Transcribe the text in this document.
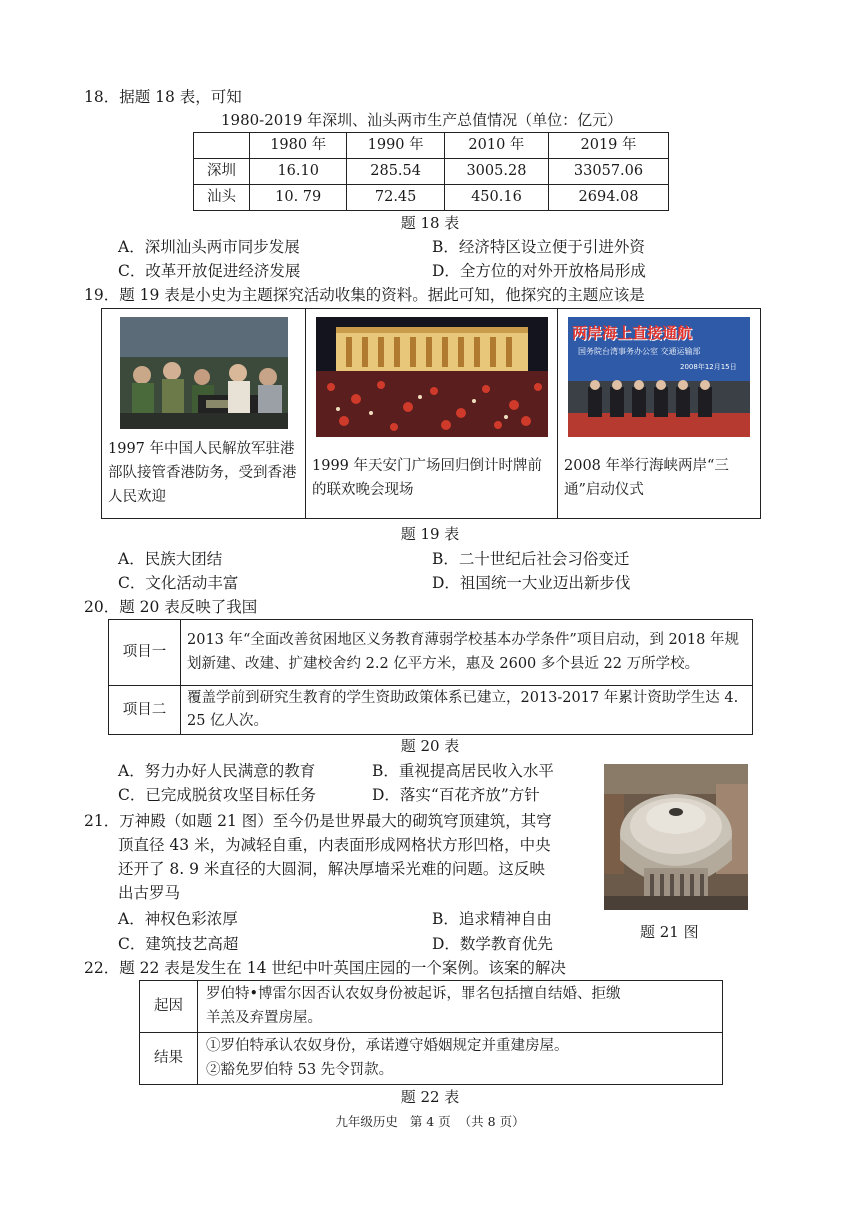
18．据题 18 表，可知
1980-2019 年深圳、汕头两市生产总值情况（单位：亿元）
	1980 年	1990 年	2010 年	2019 年
深圳	16.10	285.54	3005.28	33057.06
汕头	10. 79	72.45	450.16	2694.08
题 18 表
A．深圳汕头两市同步发展	B．经济特区设立便于引进外资
C．改革开放促进经济发展	D．全方位的对外开放格局形成
19．题 19 表是小史为主题探究活动收集的资料。据此可知，他探究的主题应该是
1997 年中国人民解放军驻港部队接管香港防务，受到香港人民欢迎

1999 年天安门广场回归倒计时牌前的联欢晚会现场

两岸海上直接通航
国务院台湾事务办公室 交通运输部
2008年12月15日
2008 年举行海峡两岸“三通”启动仪式
题 19 表
A．民族大团结	B．二十世纪后社会习俗变迁
C．文化活动丰富	D．祖国统一大业迈出新步伐
20．题 20 表反映了我国
项目一	2013 年“全面改善贫困地区义务教育薄弱学校基本办学条件”项目启动，到 2018 年规划新建、改建、扩建校舍约 2.2 亿平方米，惠及 2600 多个县近 22 万所学校。
项目二	覆盖学前到研究生教育的学生资助政策体系已建立，2013-2017 年累计资助学生达 4. 25 亿人次。
题 20 表
A．努力办好人民满意的教育	B．重视提高居民收入水平
C．已完成脱贫攻坚目标任务	D．落实“百花齐放”方针
题 21 图
21．万神殿（如题 21 图）至今仍是世界最大的砌筑穹顶建筑，其穹
顶直径 43 米，为减轻自重，内表面形成网格状方形凹格，中央
还开了 8. 9 米直径的大圆洞，解决厚墙采光难的问题。这反映
出古罗马
A．神权色彩浓厚	B．追求精神自由
C．建筑技艺高超	D．数学教育优先
22．题 22 表是发生在 14 世纪中叶英国庄园的一个案例。该案的解决
起因	罗伯特•博雷尔因否认农奴身份被起诉，罪名包括擅自结婚、拒缴
羊羔及弃置房屋。

结果	①罗伯特承认农奴身份，承诺遵守婚姻规定并重建房屋。
②豁免罗伯特 53 先令罚款。
题 22 表
九年级历史   第 4 页  （共 8 页）
